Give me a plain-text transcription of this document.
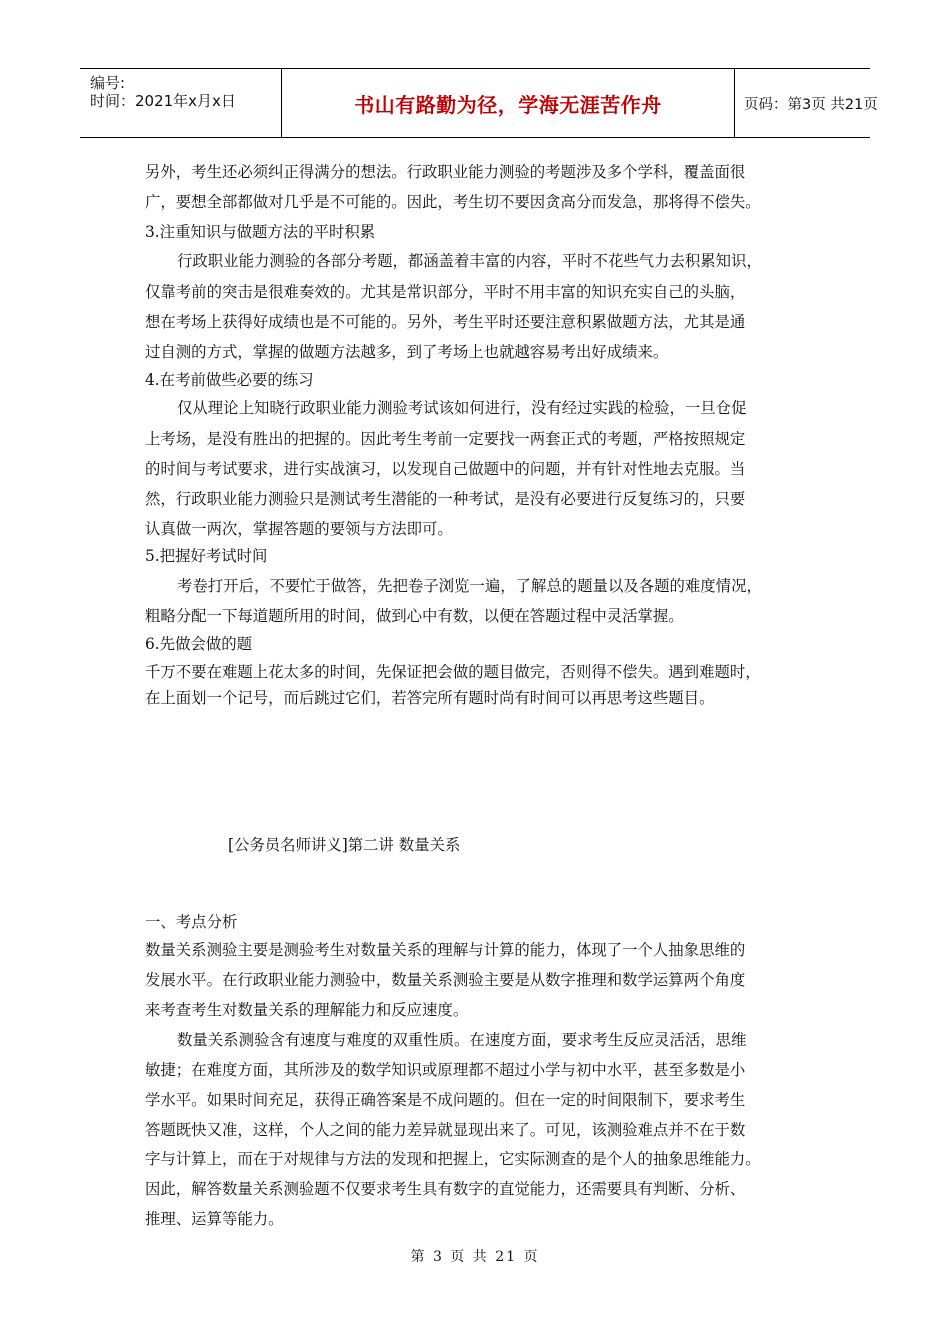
编号:
时间：2021年x月x日	书山有路勤为径，学海无涯苦作舟	页码：第3页 共21页
另外，考生还必须纠正得满分的想法。行政职业能力测验的考题涉及多个学科，覆盖面很
广，要想全部都做对几乎是不可能的。因此，考生切不要因贪高分而发急，那将得不偿失。
3.注重知识与做题方法的平时积累
行政职业能力测验的各部分考题，都涵盖着丰富的内容，平时不花些气力去积累知识，
仅靠考前的突击是很难奏效的。尤其是常识部分，平时不用丰富的知识充实自己的头脑，
想在考场上获得好成绩也是不可能的。另外，考生平时还要注意积累做题方法，尤其是通
过自测的方式，掌握的做题方法越多，到了考场上也就越容易考出好成绩来。
4.在考前做些必要的练习
仅从理论上知晓行政职业能力测验考试该如何进行，没有经过实践的检验，一旦仓促
上考场，是没有胜出的把握的。因此考生考前一定要找一两套正式的考题，严格按照规定
的时间与考试要求，进行实战演习，以发现自己做题中的问题，并有针对性地去克服。当
然，行政职业能力测验只是测试考生潜能的一种考试，是没有必要进行反复练习的，只要
认真做一两次，掌握答题的要领与方法即可。
5.把握好考试时间
考卷打开后，不要忙于做答，先把卷子浏览一遍，了解总的题量以及各题的难度情况，
粗略分配一下每道题所用的时间，做到心中有数，以便在答题过程中灵活掌握。
6.先做会做的题
千万不要在难题上花太多的时间，先保证把会做的题目做完，否则得不偿失。遇到难题时，
在上面划一个记号，而后跳过它们，若答完所有题时尚有时间可以再思考这些题目。
[公务员名师讲义]第二讲 数量关系
一、考点分析
数量关系测验主要是测验考生对数量关系的理解与计算的能力，体现了一个人抽象思维的
发展水平。在行政职业能力测验中，数量关系测验主要是从数字推理和数学运算两个角度
来考查考生对数量关系的理解能力和反应速度。
数量关系测验含有速度与难度的双重性质。在速度方面，要求考生反应灵活活，思维
敏捷；在难度方面，其所涉及的数学知识或原理都不超过小学与初中水平，甚至多数是小
学水平。如果时间充足，获得正确答案是不成问题的。但在一定的时间限制下，要求考生
答题既快又准，这样，个人之间的能力差异就显现出来了。可见，该测验难点并不在于数
字与计算上，而在于对规律与方法的发现和把握上，它实际测查的是个人的抽象思维能力。
因此，解答数量关系测验题不仅要求考生具有数字的直觉能力，还需要具有判断、分析、
推理、运算等能力。
第 3 页 共 21 页
